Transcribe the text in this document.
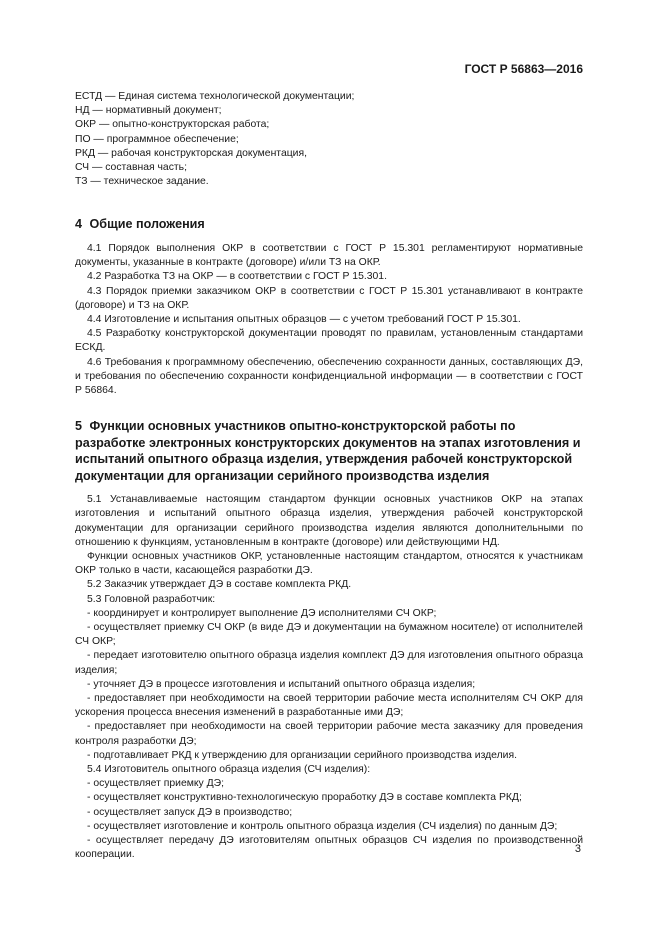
ГОСТ Р 56863—2016

ЕСТД — Единая система технологической документации;

НД — нормативный документ;

ОКР — опытно-конструкторская работа;

ПО — программное обеспечение;

РКД — рабочая конструкторская документация,

СЧ — составная часть;

ТЗ — техническое задание.

4 Общие положения

4.1 Порядок выполнения ОКР в соответствии с ГОСТ Р 15.301 регламентируют нормативные документы, указанные в контракте (договоре) и/или ТЗ на ОКР.

4.2 Разработка ТЗ на ОКР — в соответствии с ГОСТ Р 15.301.

4.3 Порядок приемки заказчиком ОКР в соответствии с ГОСТ Р 15.301 устанавливают в контракте (договоре) и ТЗ на ОКР.

4.4 Изготовление и испытания опытных образцов — с учетом требований ГОСТ Р 15.301.

4.5 Разработку конструкторской документации проводят по правилам, установленным стандартами ЕСКД.

4.6 Требования к программному обеспечению, обеспечению сохранности данных, составляющих ДЭ, и требования по обеспечению сохранности конфиденциальной информации — в соответствии с ГОСТ Р 56864.

5 Функции основных участников опытно-конструкторской работы по разработке электронных конструкторских документов на этапах изготовления и испытаний опытного образца изделия, утверждения рабочей конструкторской документации для организации серийного производства изделия

5.1 Устанавливаемые настоящим стандартом функции основных участников ОКР на этапах изготовления и испытаний опытного образца изделия, утверждения рабочей конструкторской документации для организации серийного производства изделия являются дополнительными по отношению к функциям, установленным в контракте (договоре) или действующими НД.

Функции основных участников ОКР, установленные настоящим стандартом, относятся к участникам ОКР только в части, касающейся разработки ДЭ.

5.2 Заказчик утверждает ДЭ в составе комплекта РКД.

5.3 Головной разработчик:

- координирует и контролирует выполнение ДЭ исполнителями СЧ ОКР;

- осуществляет приемку СЧ ОКР (в виде ДЭ и документации на бумажном носителе) от исполнителей СЧ ОКР;

- передает изготовителю опытного образца изделия комплект ДЭ для изготовления опытного образца изделия;

- уточняет ДЭ в процессе изготовления и испытаний опытного образца изделия;

- предоставляет при необходимости на своей территории рабочие места исполнителям СЧ ОКР для ускорения процесса внесения изменений в разработанные ими ДЭ;

- предоставляет при необходимости на своей территории рабочие места заказчику для проведения контроля разработки ДЭ;

- подготавливает РКД к утверждению для организации серийного производства изделия.

5.4 Изготовитель опытного образца изделия (СЧ изделия):

- осуществляет приемку ДЭ;

- осуществляет конструктивно-технологическую проработку ДЭ в составе комплекта РКД;

- осуществляет запуск ДЭ в производство;

- осуществляет изготовление и контроль опытного образца изделия (СЧ изделия) по данным ДЭ;

- осуществляет передачу ДЭ изготовителям опытных образцов СЧ изделия по производственной кооперации.	3
